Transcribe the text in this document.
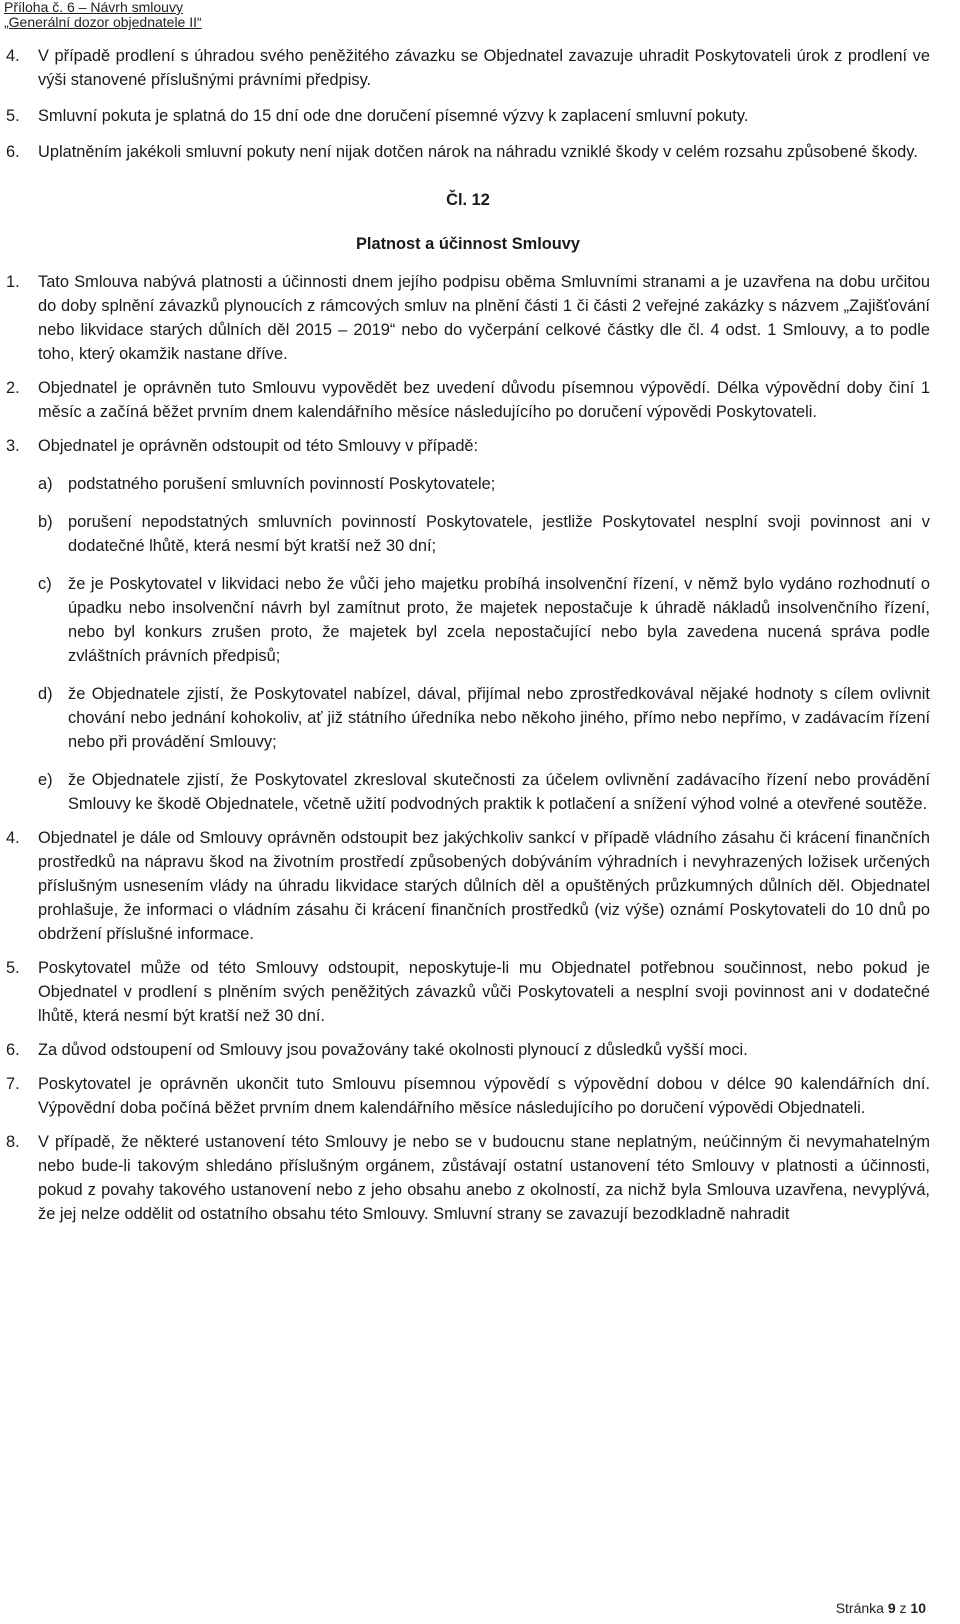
Příloha č. 6 – Návrh smlouvy
„Generální dozor objednatele II“

4. V případě prodlení s úhradou svého peněžitého závazku se Objednatel zavazuje uhradit Poskytovateli úrok z prodlení ve výši stanovené příslušnými právními předpisy.

5. Smluvní pokuta je splatná do 15 dní ode dne doručení písemné výzvy k zaplacení smluvní pokuty.

6. Uplatněním jakékoli smluvní pokuty není nijak dotčen nárok na náhradu vzniklé škody v celém rozsahu způsobené škody.

Čl. 12

Platnost a účinnost Smlouvy

1. Tato Smlouva nabývá platnosti a účinnosti dnem jejího podpisu oběma Smluvními stranami a je uzavřena na dobu určitou do doby splnění závazků plynoucích z rámcových smluv na plnění části 1 či části 2 veřejné zakázky s názvem „Zajišťování nebo likvidace starých důlních děl 2015 – 2019“ nebo do vyčerpání celkové částky dle čl. 4 odst. 1 Smlouvy, a to podle toho, který okamžik nastane dříve.

2. Objednatel je oprávněn tuto Smlouvu vypovědět bez uvedení důvodu písemnou výpovědí. Délka výpovědní doby činí 1 měsíc a začíná běžet prvním dnem kalendářního měsíce následujícího po doručení výpovědi Poskytovateli.

3. Objednatel je oprávněn odstoupit od této Smlouvy v případě:

a) podstatného porušení smluvních povinností Poskytovatele;

b) porušení nepodstatných smluvních povinností Poskytovatele, jestliže Poskytovatel nesplní svoji povinnost ani v dodatečné lhůtě, která nesmí být kratší než 30 dní;

c) že je Poskytovatel v likvidaci nebo že vůči jeho majetku probíhá insolvenční řízení, v němž bylo vydáno rozhodnutí o úpadku nebo insolvenční návrh byl zamítnut proto, že majetek nepostačuje k úhradě nákladů insolvenčního řízení, nebo byl konkurs zrušen proto, že majetek byl zcela nepostačující nebo byla zavedena nucená správa podle zvláštních právních předpisů;

d) že Objednatele zjistí, že Poskytovatel nabízel, dával, přijímal nebo zprostředkovával nějaké hodnoty s cílem ovlivnit chování nebo jednání kohokoliv, ať již státního úředníka nebo někoho jiného, přímo nebo nepřímo, v zadávacím řízení nebo při provádění Smlouvy;

e) že Objednatele zjistí, že Poskytovatel zkresloval skutečnosti za účelem ovlivnění zadávacího řízení nebo provádění Smlouvy ke škodě Objednatele, včetně užití podvodných praktik k potlačení a snížení výhod volné a otevřené soutěže.

4. Objednatel je dále od Smlouvy oprávněn odstoupit bez jakýchkoliv sankcí v případě vládního zásahu či krácení finančních prostředků na nápravu škod na životním prostředí způsobených dobýváním výhradních i nevyhrazených ložisek určených příslušným usnesením vlády na úhradu likvidace starých důlních děl a opuštěných průzkumných důlních děl. Objednatel prohlašuje, že informaci o vládním zásahu či krácení finančních prostředků (viz výše) oznámí Poskytovateli do 10 dnů po obdržení příslušné informace.

5. Poskytovatel může od této Smlouvy odstoupit, neposkytuje-li mu Objednatel potřebnou součinnost, nebo pokud je Objednatel v prodlení s plněním svých peněžitých závazků vůči Poskytovateli a nesplní svoji povinnost ani v dodatečné lhůtě, která nesmí být kratší než 30 dní.

6. Za důvod odstoupení od Smlouvy jsou považovány také okolnosti plynoucí z důsledků vyšší moci.

7. Poskytovatel je oprávněn ukončit tuto Smlouvu písemnou výpovědí s výpovědní dobou v délce 90 kalendářních dní. Výpovědní doba počíná běžet prvním dnem kalendářního měsíce následujícího po doručení výpovědi Objednateli.

8. V případě, že některé ustanovení této Smlouvy je nebo se v budoucnu stane neplatným, neúčinným či nevymahatelným nebo bude-li takovým shledáno příslušným orgánem, zůstávají ostatní ustanovení této Smlouvy v platnosti a účinnosti, pokud z povahy takového ustanovení nebo z jeho obsahu anebo z okolností, za nichž byla Smlouva uzavřena, nevyplývá, že jej nelze oddělit od ostatního obsahu této Smlouvy. Smluvní strany se zavazují bezodkladně nahradit

Stránka 9 z 10
